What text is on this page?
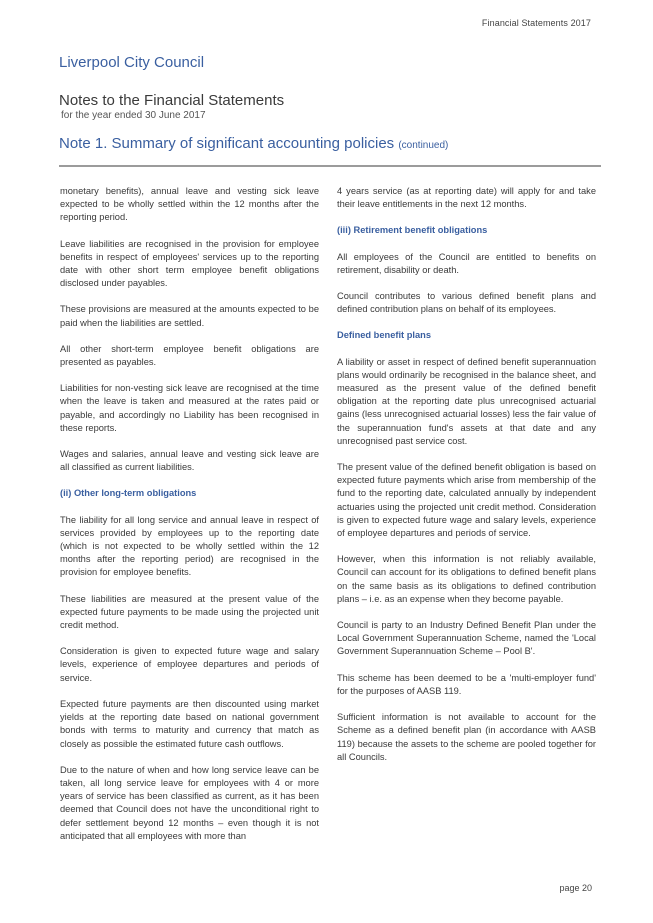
Financial Statements 2017
Liverpool City Council
Notes to the Financial Statements
for the year ended 30 June 2017
Note 1. Summary of significant accounting policies (continued)

monetary benefits), annual leave and vesting sick leave expected to be wholly settled within the 12 months after the reporting period.

Leave liabilities are recognised in the provision for employee benefits in respect of employees' services up to the reporting date with other short term employee benefit obligations disclosed under payables.

These provisions are measured at the amounts expected to be paid when the liabilities are settled.

All other short-term employee benefit obligations are presented as payables.

Liabilities for non-vesting sick leave are recognised at the time when the leave is taken and measured at the rates paid or payable, and accordingly no Liability has been recognised in these reports.

Wages and salaries, annual leave and vesting sick leave are all classified as current liabilities.

(ii) Other long-term obligations

The liability for all long service and annual leave in respect of services provided by employees up to the reporting date (which is not expected to be wholly settled within the 12 months after the reporting period) are recognised in the provision for employee benefits.

These liabilities are measured at the present value of the expected future payments to be made using the projected unit credit method.

Consideration is given to expected future wage and salary levels, experience of employee departures and periods of service.

Expected future payments are then discounted using market yields at the reporting date based on national government bonds with terms to maturity and currency that match as closely as possible the estimated future cash outflows.

Due to the nature of when and how long service leave can be taken, all long service leave for employees with 4 or more years of service has been classified as current, as it has been deemed that Council does not have the unconditional right to defer settlement beyond 12 months – even though it is not anticipated that all employees with more than

4 years service (as at reporting date) will apply for and take their leave entitlements in the next 12 months.

(iii) Retirement benefit obligations

All employees of the Council are entitled to benefits on retirement, disability or death.

Council contributes to various defined benefit plans and defined contribution plans on behalf of its employees.

Defined benefit plans

A liability or asset in respect of defined benefit superannuation plans would ordinarily be recognised in the balance sheet, and measured as the present value of the defined benefit obligation at the reporting date plus unrecognised actuarial gains (less unrecognised actuarial losses) less the fair value of the superannuation fund's assets at that date and any unrecognised past service cost.

The present value of the defined benefit obligation is based on expected future payments which arise from membership of the fund to the reporting date, calculated annually by independent actuaries using the projected unit credit method. Consideration is given to expected future wage and salary levels, experience of employee departures and periods of service.

However, when this information is not reliably available, Council can account for its obligations to defined benefit plans on the same basis as its obligations to defined contribution plans – i.e. as an expense when they become payable.

Council is party to an Industry Defined Benefit Plan under the Local Government Superannuation Scheme, named the 'Local Government Superannuation Scheme – Pool B'.

This scheme has been deemed to be a 'multi-employer fund' for the purposes of AASB 119.

Sufficient information is not available to account for the Scheme as a defined benefit plan (in accordance with AASB 119) because the assets to the scheme are pooled together for all Councils.

page 20
